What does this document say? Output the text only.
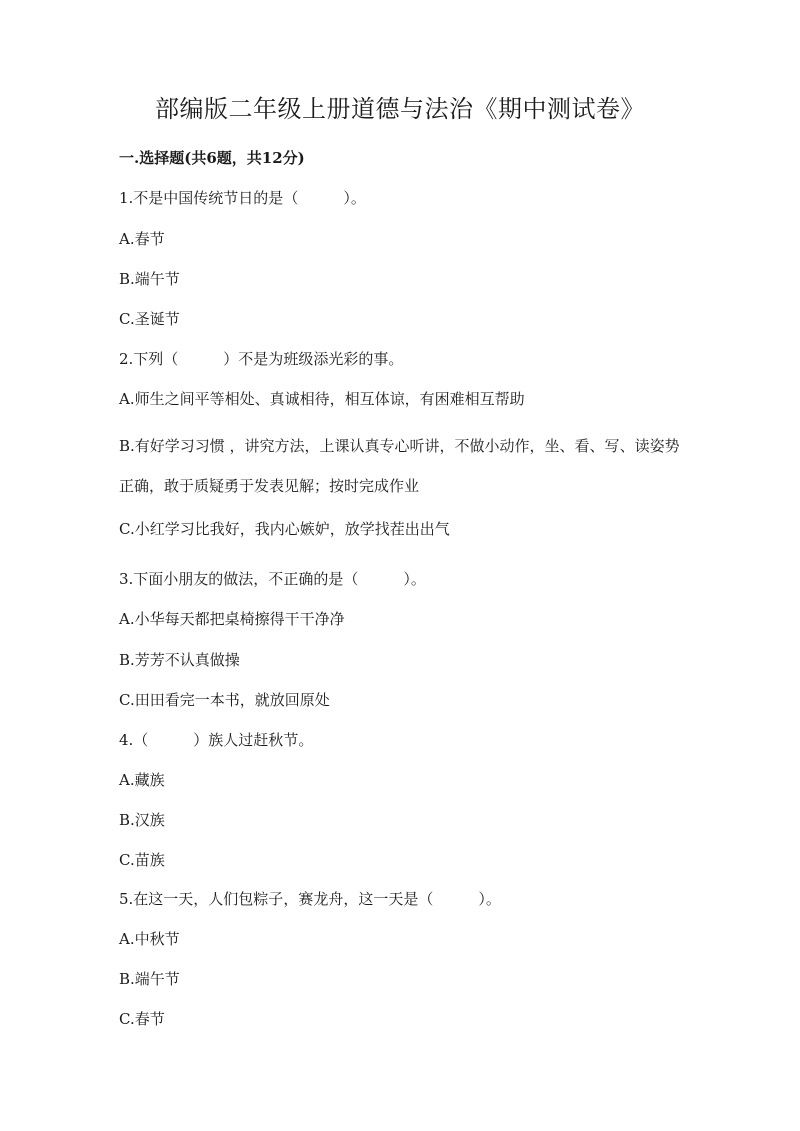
部编版二年级上册道德与法治《期中测试卷》
一.选择题(共6题，共12分)
1.不是中国传统节日的是（　　　）。
A.春节
B.端午节
C.圣诞节
2.下列（　　　）不是为班级添光彩的事。
A.师生之间平等相处、真诚相待，相互体谅，有困难相互帮助
B.有好学习习惯 ，讲究方法，上课认真专心听讲，不做小动作，坐、看、写、读姿势正确，敢于质疑勇于发表见解；按时完成作业
C.小红学习比我好，我内心嫉妒，放学找茬出出气
3.下面小朋友的做法，不正确的是（　　　）。
A.小华每天都把桌椅擦得干干净净
B.芳芳不认真做操
C.田田看完一本书，就放回原处
4.（　　　）族人过赶秋节。
A.藏族
B.汉族
C.苗族
5.在这一天，人们包粽子，赛龙舟，这一天是（　　　）。
A.中秋节
B.端午节
C.春节
